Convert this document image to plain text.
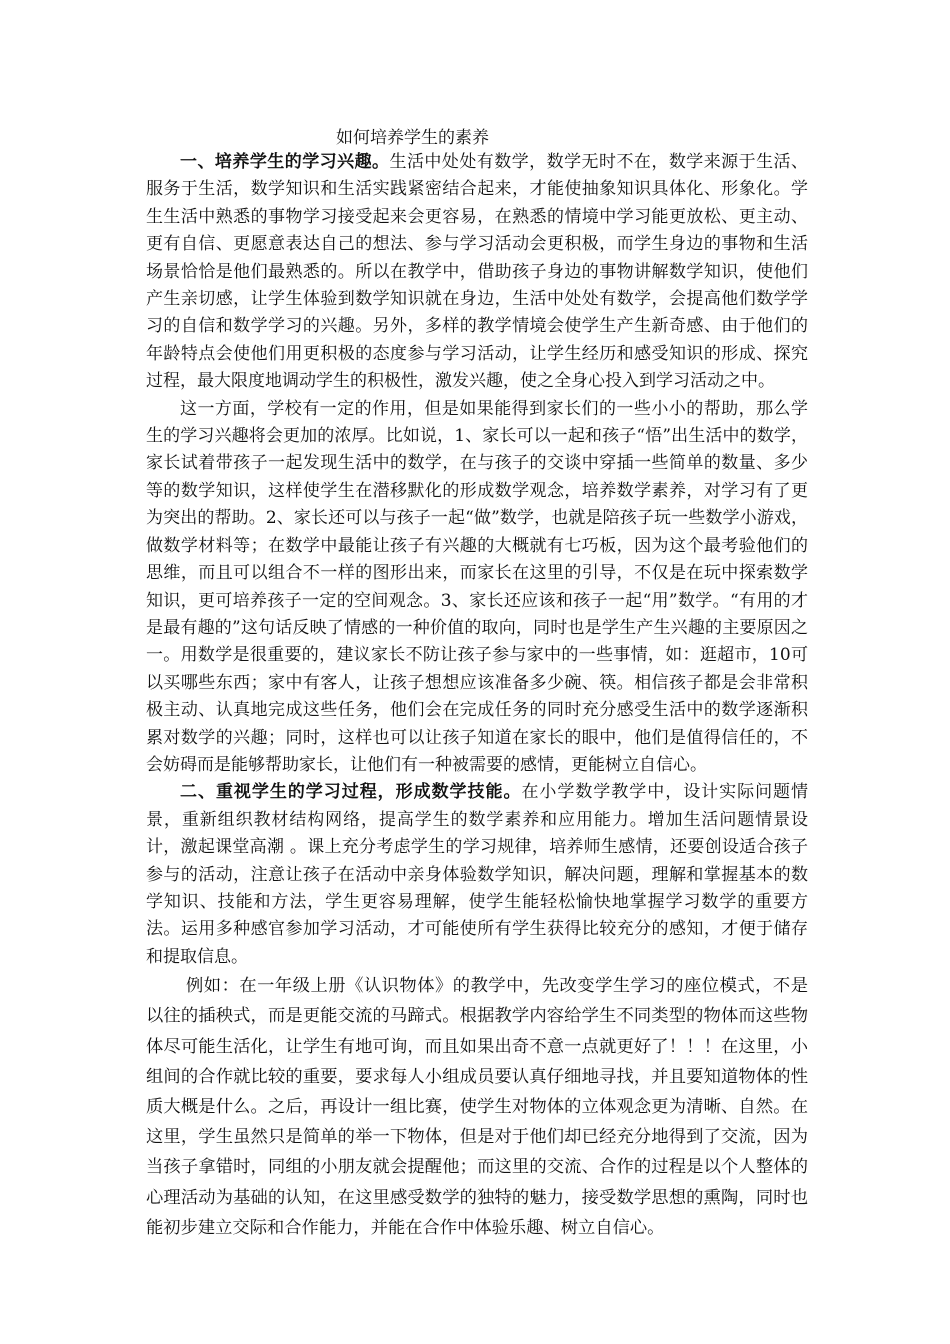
如何培养学生的素养

一、培养学生的学习兴趣。生活中处处有数学，数学无时不在，数学来源于生活、服务于生活，数学知识和生活实践紧密结合起来，才能使抽象知识具体化、形象化。学生生活中熟悉的事物学习接受起来会更容易，在熟悉的情境中学习能更放松、更主动、更有自信、更愿意表达自己的想法、参与学习活动会更积极，而学生身边的事物和生活场景恰恰是他们最熟悉的。所以在教学中，借助孩子身边的事物讲解数学知识，使他们产生亲切感，让学生体验到数学知识就在身边，生活中处处有数学，会提高他们数学学习的自信和数学学习的兴趣。另外，多样的教学情境会使学生产生新奇感、由于他们的年龄特点会使他们用更积极的态度参与学习活动，让学生经历和感受知识的形成、探究过程，最大限度地调动学生的积极性，激发兴趣，使之全身心投入到学习活动之中。

这一方面，学校有一定的作用，但是如果能得到家长们的一些小小的帮助，那么学生的学习兴趣将会更加的浓厚。比如说，1、家长可以一起和孩子“悟”出生活中的数学，家长试着带孩子一起发现生活中的数学，在与孩子的交谈中穿插一些简单的数量、多少等的数学知识，这样使学生在潜移默化的形成数学观念，培养数学素养，对学习有了更为突出的帮助。2、家长还可以与孩子一起“做”数学，也就是陪孩子玩一些数学小游戏，做数学材料等；在数学中最能让孩子有兴趣的大概就有七巧板，因为这个最考验他们的思维，而且可以组合不一样的图形出来，而家长在这里的引导，不仅是在玩中探索数学知识，更可培养孩子一定的空间观念。3、家长还应该和孩子一起“用”数学。“有用的才是最有趣的”这句话反映了情感的一种价值的取向，同时也是学生产生兴趣的主要原因之一。用数学是很重要的，建议家长不防让孩子参与家中的一些事情，如：逛超市，10可以买哪些东西；家中有客人，让孩子想想应该准备多少碗、筷。相信孩子都是会非常积极主动、认真地完成这些任务，他们会在完成任务的同时充分感受生活中的数学逐渐积累对数学的兴趣；同时，这样也可以让孩子知道在家长的眼中，他们是值得信任的，不会妨碍而是能够帮助家长，让他们有一种被需要的感情，更能树立自信心。

二、重视学生的学习过程，形成数学技能。在小学数学教学中，设计实际问题情景，重新组织教材结构网络，提高学生的数学素养和应用能力。增加生活问题情景设计，激起课堂高潮 。课上充分考虑学生的学习规律，培养师生感情，还要创设适合孩子参与的活动，注意让孩子在活动中亲身体验数学知识，解决问题，理解和掌握基本的数学知识、技能和方法，学生更容易理解，使学生能轻松愉快地掌握学习数学的重要方法。运用多种感官参加学习活动，才可能使所有学生获得比较充分的感知，才便于储存和提取信息。

例如：在一年级上册《认识物体》的教学中，先改变学生学习的座位模式，不是以往的插秧式，而是更能交流的马蹄式。根据教学内容给学生不同类型的物体而这些物体尽可能生活化，让学生有地可询，而且如果出奇不意一点就更好了！！！在这里，小组间的合作就比较的重要，要求每人小组成员要认真仔细地寻找，并且要知道物体的性质大概是什么。之后，再设计一组比赛，使学生对物体的立体观念更为清晰、自然。在这里，学生虽然只是简单的举一下物体，但是对于他们却已经充分地得到了交流，因为当孩子拿错时，同组的小朋友就会提醒他；而这里的交流、合作的过程是以个人整体的心理活动为基础的认知，在这里感受数学的独特的魅力，接受数学思想的熏陶，同时也能初步建立交际和合作能力，并能在合作中体验乐趣、树立自信心。
